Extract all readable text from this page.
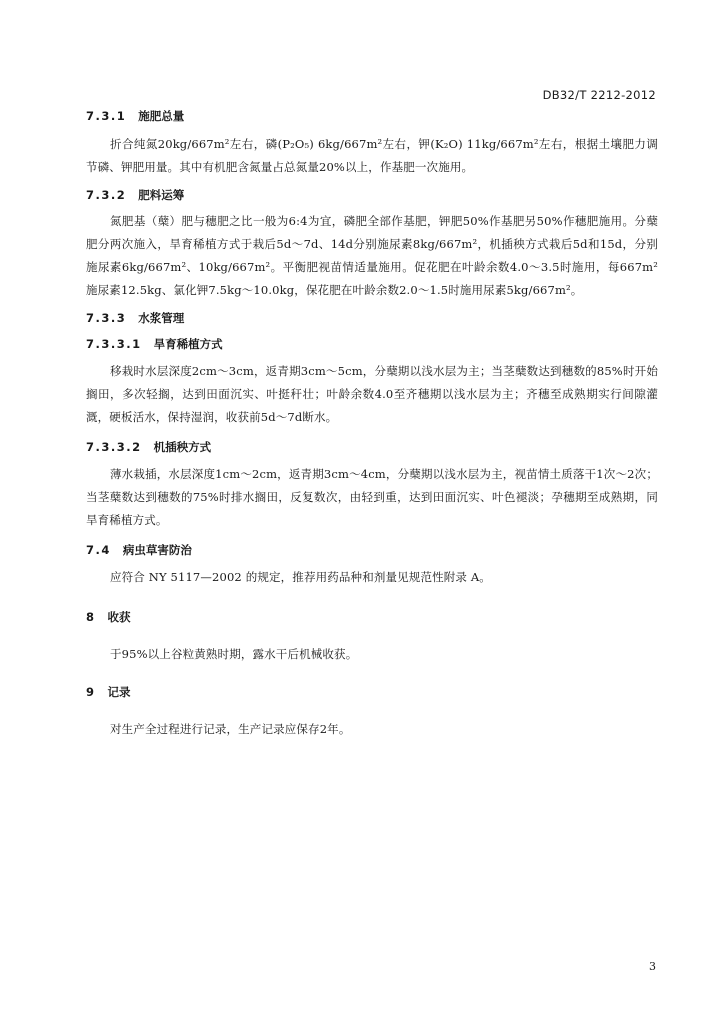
DB32/T 2212-2012
7.3.1 施肥总量

折合纯氮20kg/667m²左右，磷(P₂O₅) 6kg/667m²左右，钾(K₂O) 11kg/667m²左右，根据土壤肥力调节磷、钾肥用量。其中有机肥含氮量占总氮量20%以上，作基肥一次施用。

7.3.2 肥料运筹

氮肥基（蘖）肥与穗肥之比一般为6:4为宜，磷肥全部作基肥，钾肥50%作基肥另50%作穗肥施用。分蘖肥分两次施入，旱育稀植方式于栽后5d～7d、14d分别施尿素8kg/667m²，机插秧方式栽后5d和15d，分别施尿素6kg/667m²、10kg/667m²。平衡肥视苗情适量施用。促花肥在叶龄余数4.0～3.5时施用，每667m²施尿素12.5kg、氯化钾7.5kg～10.0kg，保花肥在叶龄余数2.0～1.5时施用尿素5kg/667m²。

7.3.3 水浆管理
7.3.3.1 旱育稀植方式

移栽时水层深度2cm～3cm，返青期3cm～5cm，分蘖期以浅水层为主；当茎蘖数达到穗数的85%时开始搁田，多次轻搁，达到田面沉实、叶挺秆壮；叶龄余数4.0至齐穗期以浅水层为主；齐穗至成熟期实行间隙灌溉，硬板活水，保持湿润，收获前5d～7d断水。

7.3.3.2 机插秧方式

薄水栽插，水层深度1cm～2cm，返青期3cm～4cm，分蘖期以浅水层为主，视苗情土质落干1次～2次；当茎蘖数达到穗数的75%时排水搁田，反复数次，由轻到重，达到田面沉实、叶色褪淡；孕穗期至成熟期，同旱育稀植方式。

7.4 病虫草害防治

应符合 NY 5117—2002 的规定，推荐用药品种和剂量见规范性附录 A。

8 收获

于95%以上谷粒黄熟时期，露水干后机械收获。

9 记录

对生产全过程进行记录，生产记录应保存2年。

3
